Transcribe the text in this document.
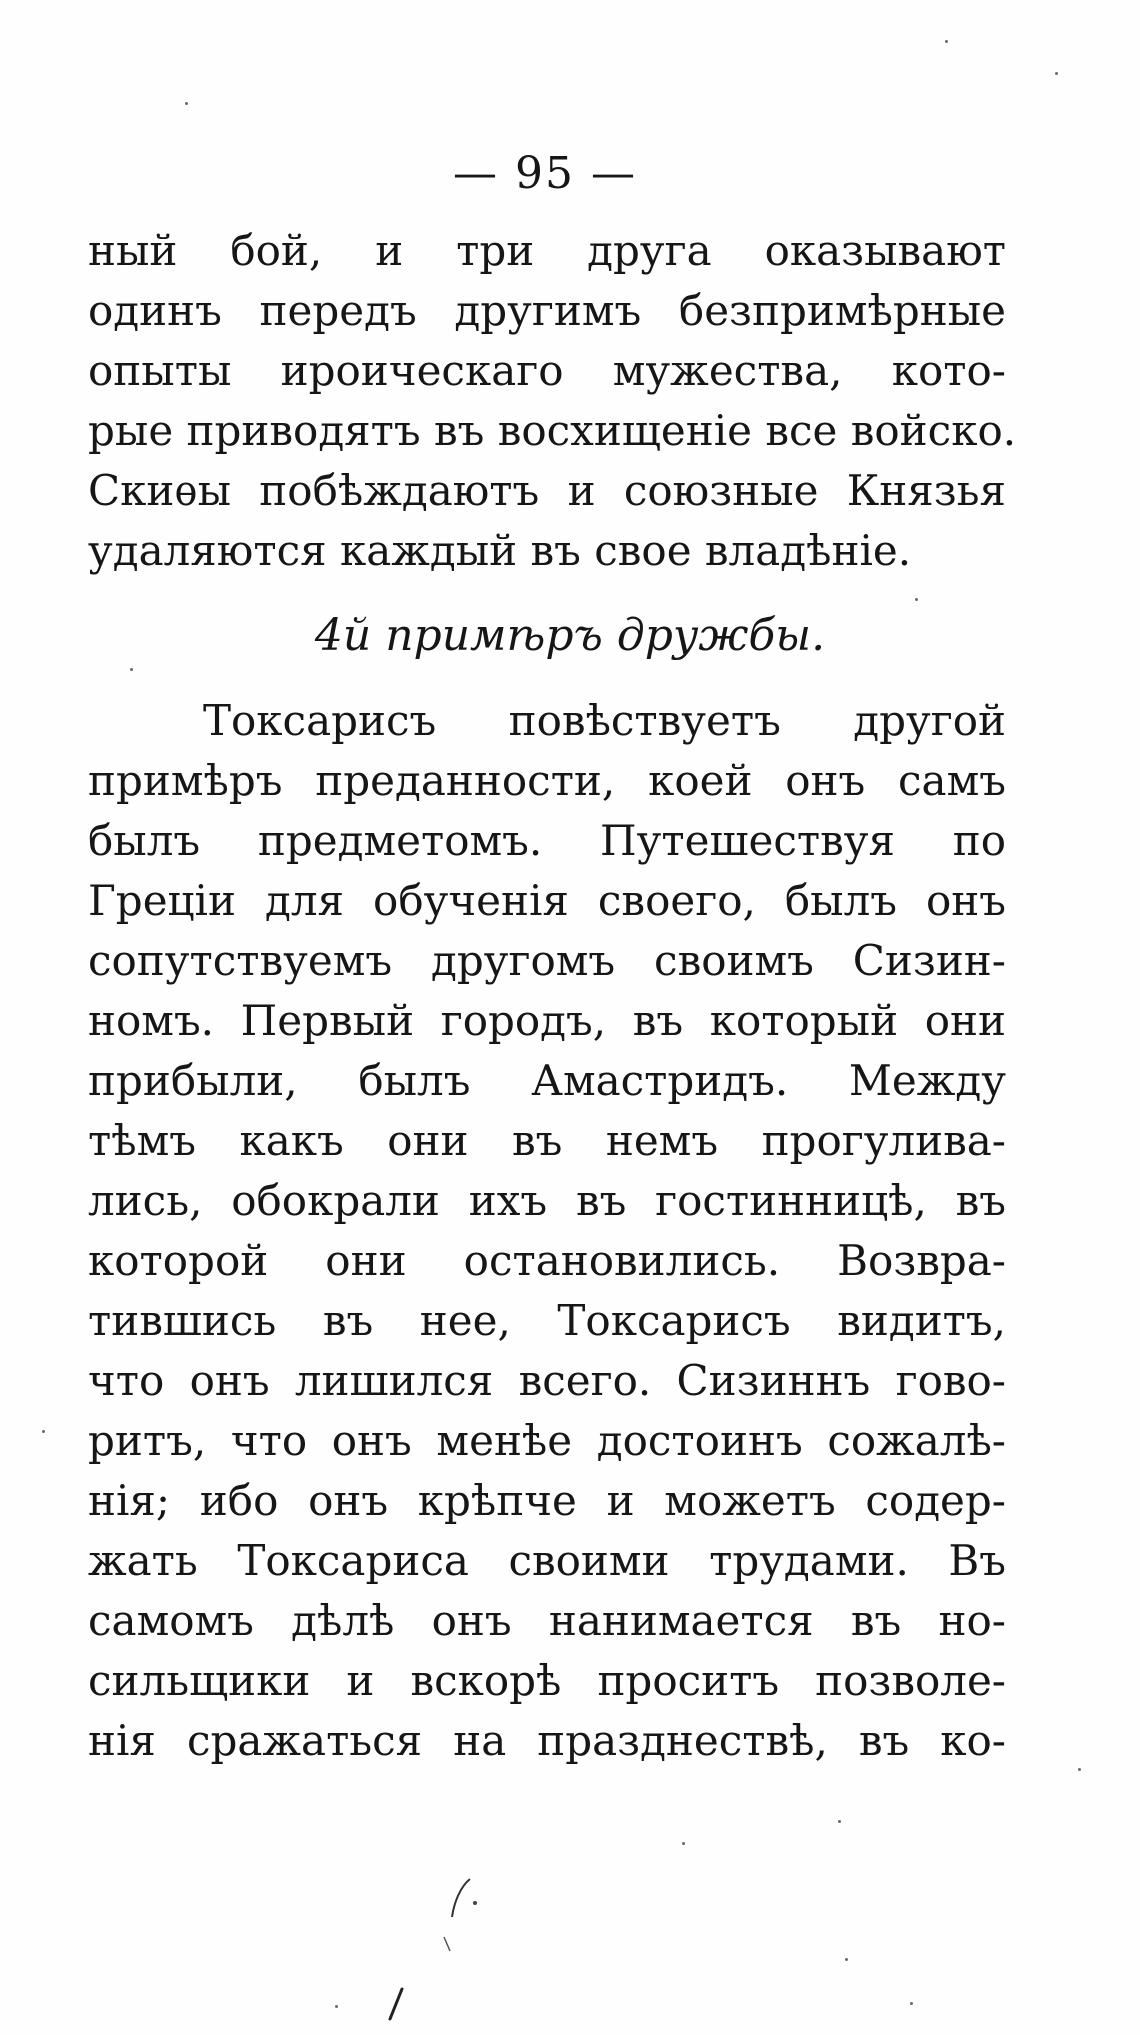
— 95 —
ный бой, и три друга оказывают
одинъ передъ другимъ безпримѣрные
опыты ироическаго мужества, кото-
рые приводятъ въ восхищеніе все войско.
Скиѳы побѣждаютъ и союзные Князья
удаляются каждый въ свое владѣніе.
4й примѣръ дружбы.
Токсарисъ повѣствуетъ другой
примѣръ преданности, коей онъ самъ
былъ предметомъ. Путешествуя по
Греціи для обученія своего, былъ онъ
сопутствуемъ другомъ своимъ Сизин-
номъ. Первый городъ, въ который они
прибыли, былъ Амастридъ. Между
тѣмъ какъ они въ немъ прогулива-
лись, обокрали ихъ въ гостинницѣ, въ
которой они остановились. Возвра-
тившись въ нее, Токсарисъ видитъ,
что онъ лишился всего. Сизиннъ гово-
ритъ, что онъ менѣе достоинъ сожалѣ-
нія; ибо онъ крѣпче и можетъ содер-
жать Токсариса своими трудами. Въ
самомъ дѣлѣ онъ нанимается въ но-
сильщики и вскорѣ проситъ позволе-
нія сражаться на празднествѣ, въ ко-
